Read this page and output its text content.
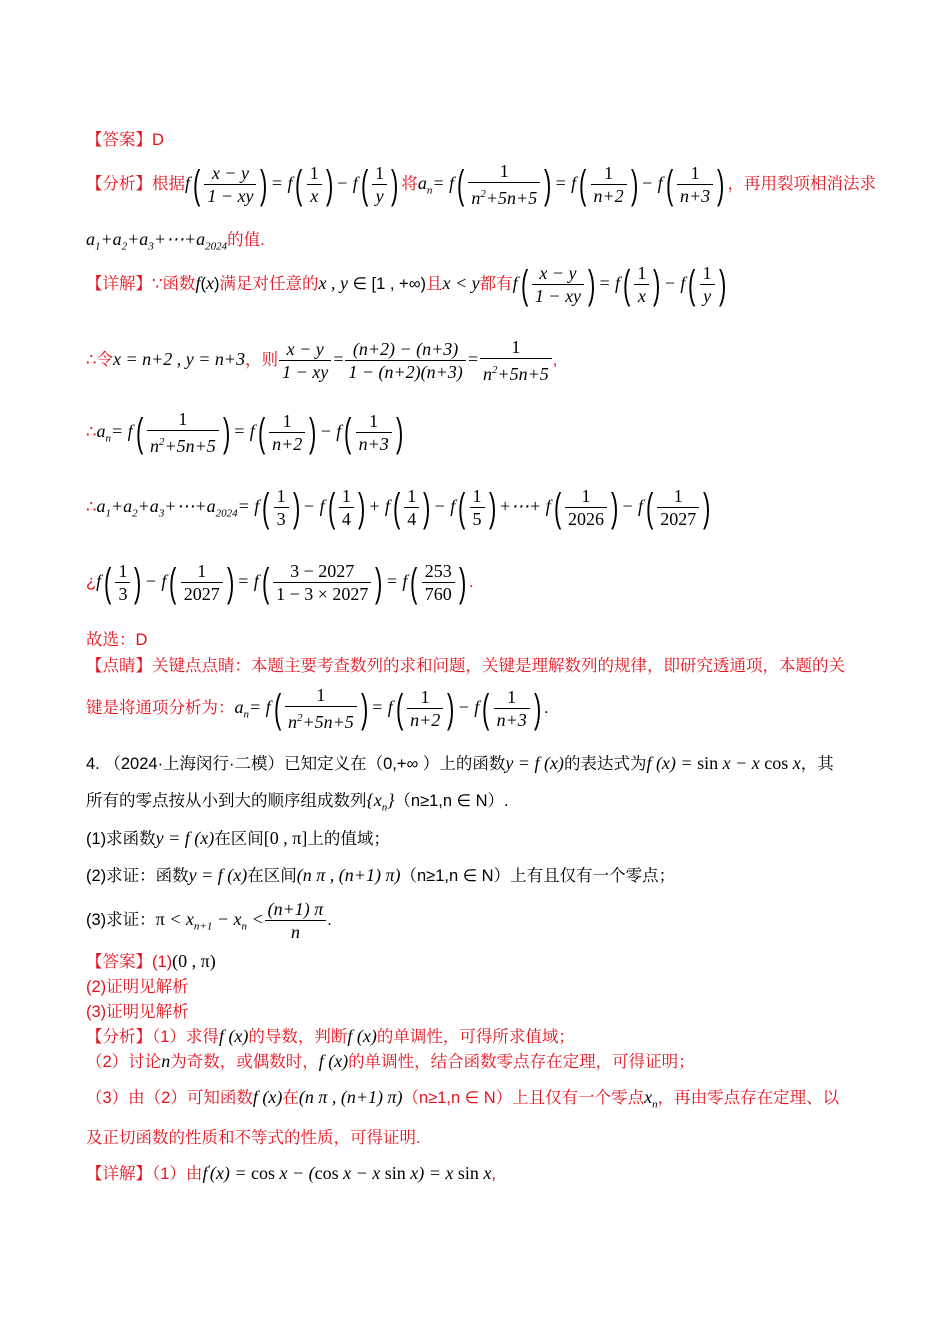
【答案】D
【分析】根据$f( \frac{x - y}{1 - xy}$ ) = $f( \frac{1}{x}$ ) − $f( \frac{1}{y}$ ) 将$a_n= f( \frac{1}{n^2+5n+5}$ ) = $f( \frac{1}{n+2}$ ) − $f( \frac{1}{n+3}$ ) ，再用裂项相消法求
$a_1+a_2+a_3+\cdots+a_{2024}$的值.
【详解】∵函数f(x)满足对任意的x , y ∈ [1 , +∞)且x < y都有$f( \frac{x - y}{1 - xy}$ ) = $f( \frac{1}{x}$ ) − $f( \frac{1}{y}$ )
∴令x = n+2 , y = n+3，则 $\frac{x - y}{1 - xy} = \frac{(n+2) - (n+3)}{1 - (n+2)(n+3)} = \frac{1}{n^2+5n+5}$ ,
$\therefore a_n= f( \frac{1}{n^2+5n+5}$ ) = $f( \frac{1}{n+2}$ ) − $f( \frac{1}{n+3}$ )
$\therefore a_1+a_2+a_3+\cdots+a_{2024}= f( \frac{1}{3}$ ) − $f( \frac{1}{4}$ ) + $f( \frac{1}{4}$ ) − $f( \frac{1}{5}$ ) +⋯+ $f( \frac{1}{2026}$ ) − $f( \frac{1}{2027}$ )
¿$f( \frac{1}{3}$ ) − $f( \frac{1}{2027}$ ) = $f( \frac{3 - 2027}{1 - 3 \times 2027}$ ) = $f( \frac{253}{760}$ ) .
故选：D
【点睛】关键点点睛：本题主要考查数列的求和问题，关键是理解数列的规律，即研究透通项，本题的关
键是将通项分析为：$a_n= f( \frac{1}{n^2+5n+5}$ ) = $f( \frac{1}{n+2}$ ) − $f( \frac{1}{n+3}$ ) .
4. （2024·上海闵行·二模）已知定义在（0,+∞ ）上的函数y = f (x)的表达式为f (x) = sin x − x cos x，其
所有的零点按从小到大的顺序组成数列$\{x_n\}(n\ge 1,n$ ∈ N）.
(1)求函数y = f (x)在区间[0 , π]上的值域；
(2)求证：函数y = f (x)在区间(n π , (n+1) π)（n≥1,n ∈ N）上有且仅有一个零点；
(3)求证：$\pi < x_{n+1} - x_n < \frac{(n+1) \pi}{n}$ .
【答案】(1)(0 , π)
(2)证明见解析
(3)证明见解析
【分析】（1）求得f (x)的导数，判断f (x)的单调性，可得所求值域；
（2）讨论n为奇数，或偶数时，f (x)的单调性，结合函数零点存在定理，可得证明；
（3）由（2）可知函数f (x)在(n π , (n+1) π)（n≥1,n ∈ N）上且仅有一个零点$x_n$，再由零点存在定理、以
及正切函数的性质和不等式的性质，可得证明.
【详解】（1）由f′(x) = cos x − (cos x − x sin x) = x sin x,
